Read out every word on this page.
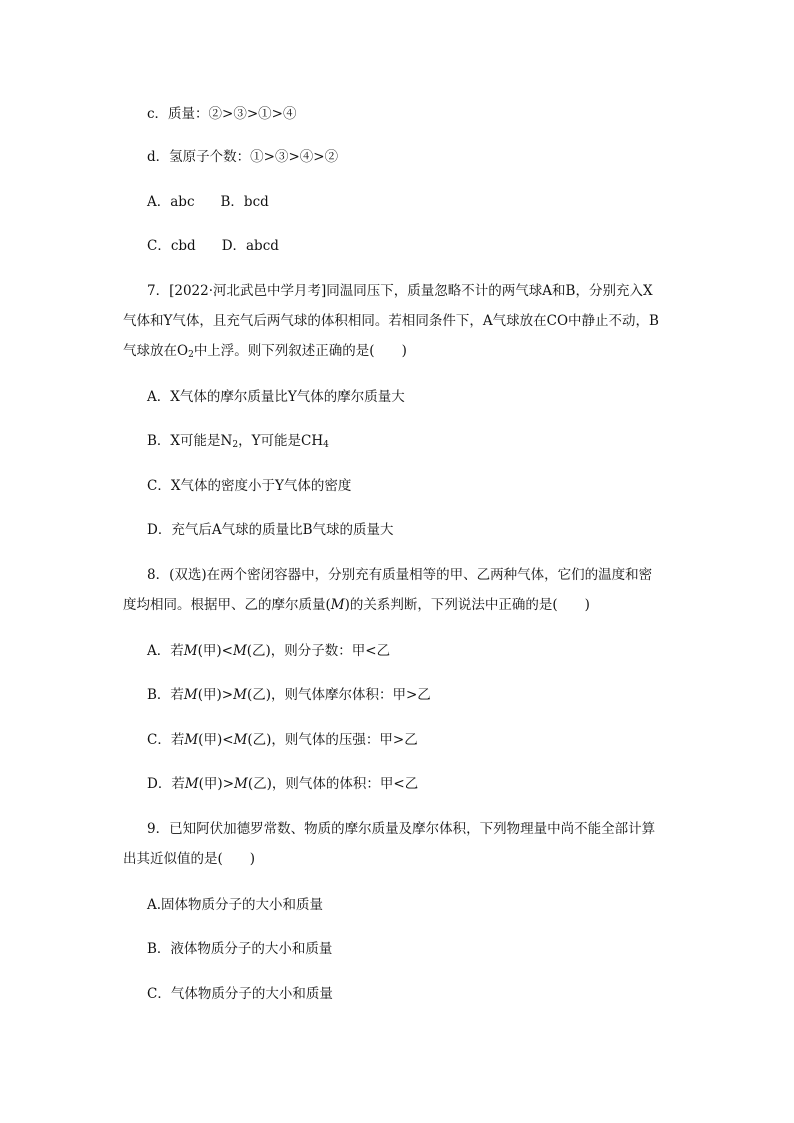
c．质量：②>③>①>④
d．氢原子个数：①>③>④>②
A．abc B．bcd
C．cbd D．abcd
7．[2022·河北武邑中学月考]同温同压下，质量忽略不计的两气球A和B，分别充入X
气体和Y气体，且充气后两气球的体积相同。若相同条件下，A气球放在CO中静止不动，B
气球放在$O_2$中上浮。则下列叙述正确的是(　　)
A．X气体的摩尔质量比Y气体的摩尔质量大
B．X可能是$N_2$，Y可能是$CH_4$
C．X气体的密度小于Y气体的密度
D．充气后A气球的质量比B气球的质量大
8．(双选)在两个密闭容器中，分别充有质量相等的甲、乙两种气体，它们的温度和密
度均相同。根据甲、乙的摩尔质量(M)的关系判断，下列说法中正确的是(　　)
A．若M(甲)<M(乙)，则分子数：甲<乙
B．若M(甲)>M(乙)，则气体摩尔体积：甲>乙
C．若M(甲)<M(乙)，则气体的压强：甲>乙
D．若M(甲)>M(乙)，则气体的体积：甲<乙
9．已知阿伏加德罗常数、物质的摩尔质量及摩尔体积，下列物理量中尚不能全部计算
出其近似值的是(　　)
A.固体物质分子的大小和质量
B．液体物质分子的大小和质量
C．气体物质分子的大小和质量
